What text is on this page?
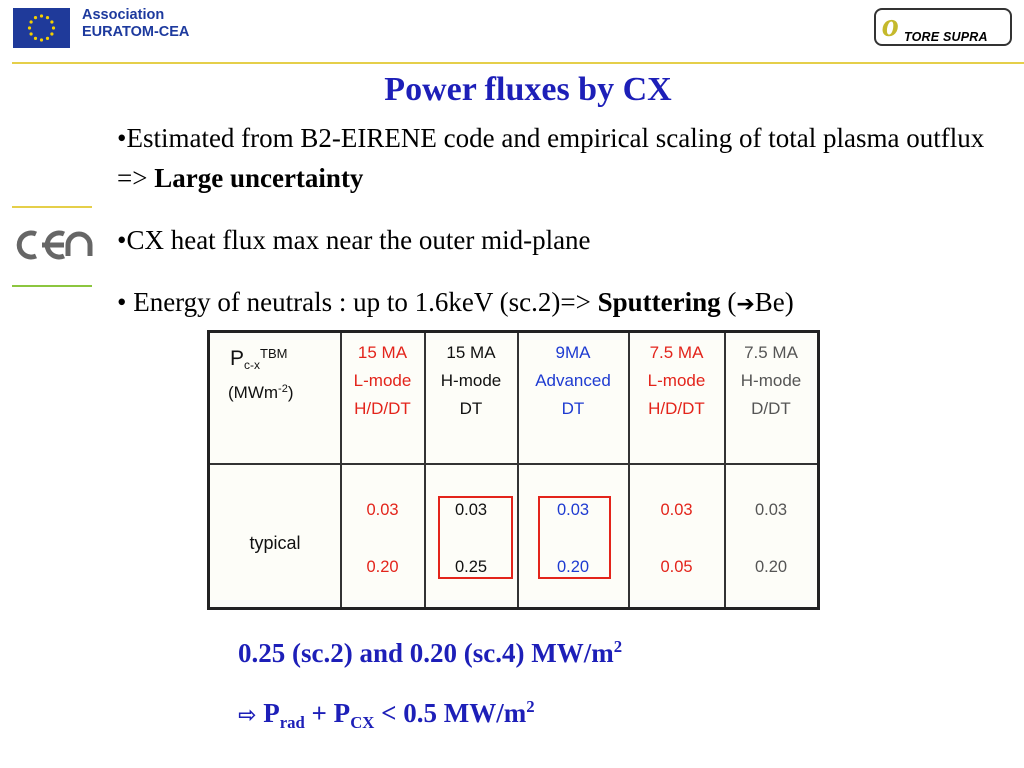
Association
EURATOM-CEA	o TORE SUPRA
Power fluxes by CX
•Estimated from B2-EIRENE code and empirical scaling of total plasma outflux => Large uncertainty
•CX heat flux max near the outer mid-plane
• Energy of neutrals : up to 1.6keV (sc.2)=> Sputtering (➔Be)
$P_{c-x}^{TBM}$
(MWm$^{-2}$)
15 MA
L-mode
H/D/DT
15 MA
H-mode
DT
9MA
Advanced
DT
7.5 MA
L-mode
H/D/DT
7.5 MA
H-mode
D/DT
typical
0.03
0.20
0.03
0.25
0.03
0.20
0.03
0.05
0.03
0.20
0.25 (sc.2) and 0.20 (sc.4) $MW/m^2$
⇨ $P_{rad} + P_{CX} < 0.5$ $MW/m^2$
